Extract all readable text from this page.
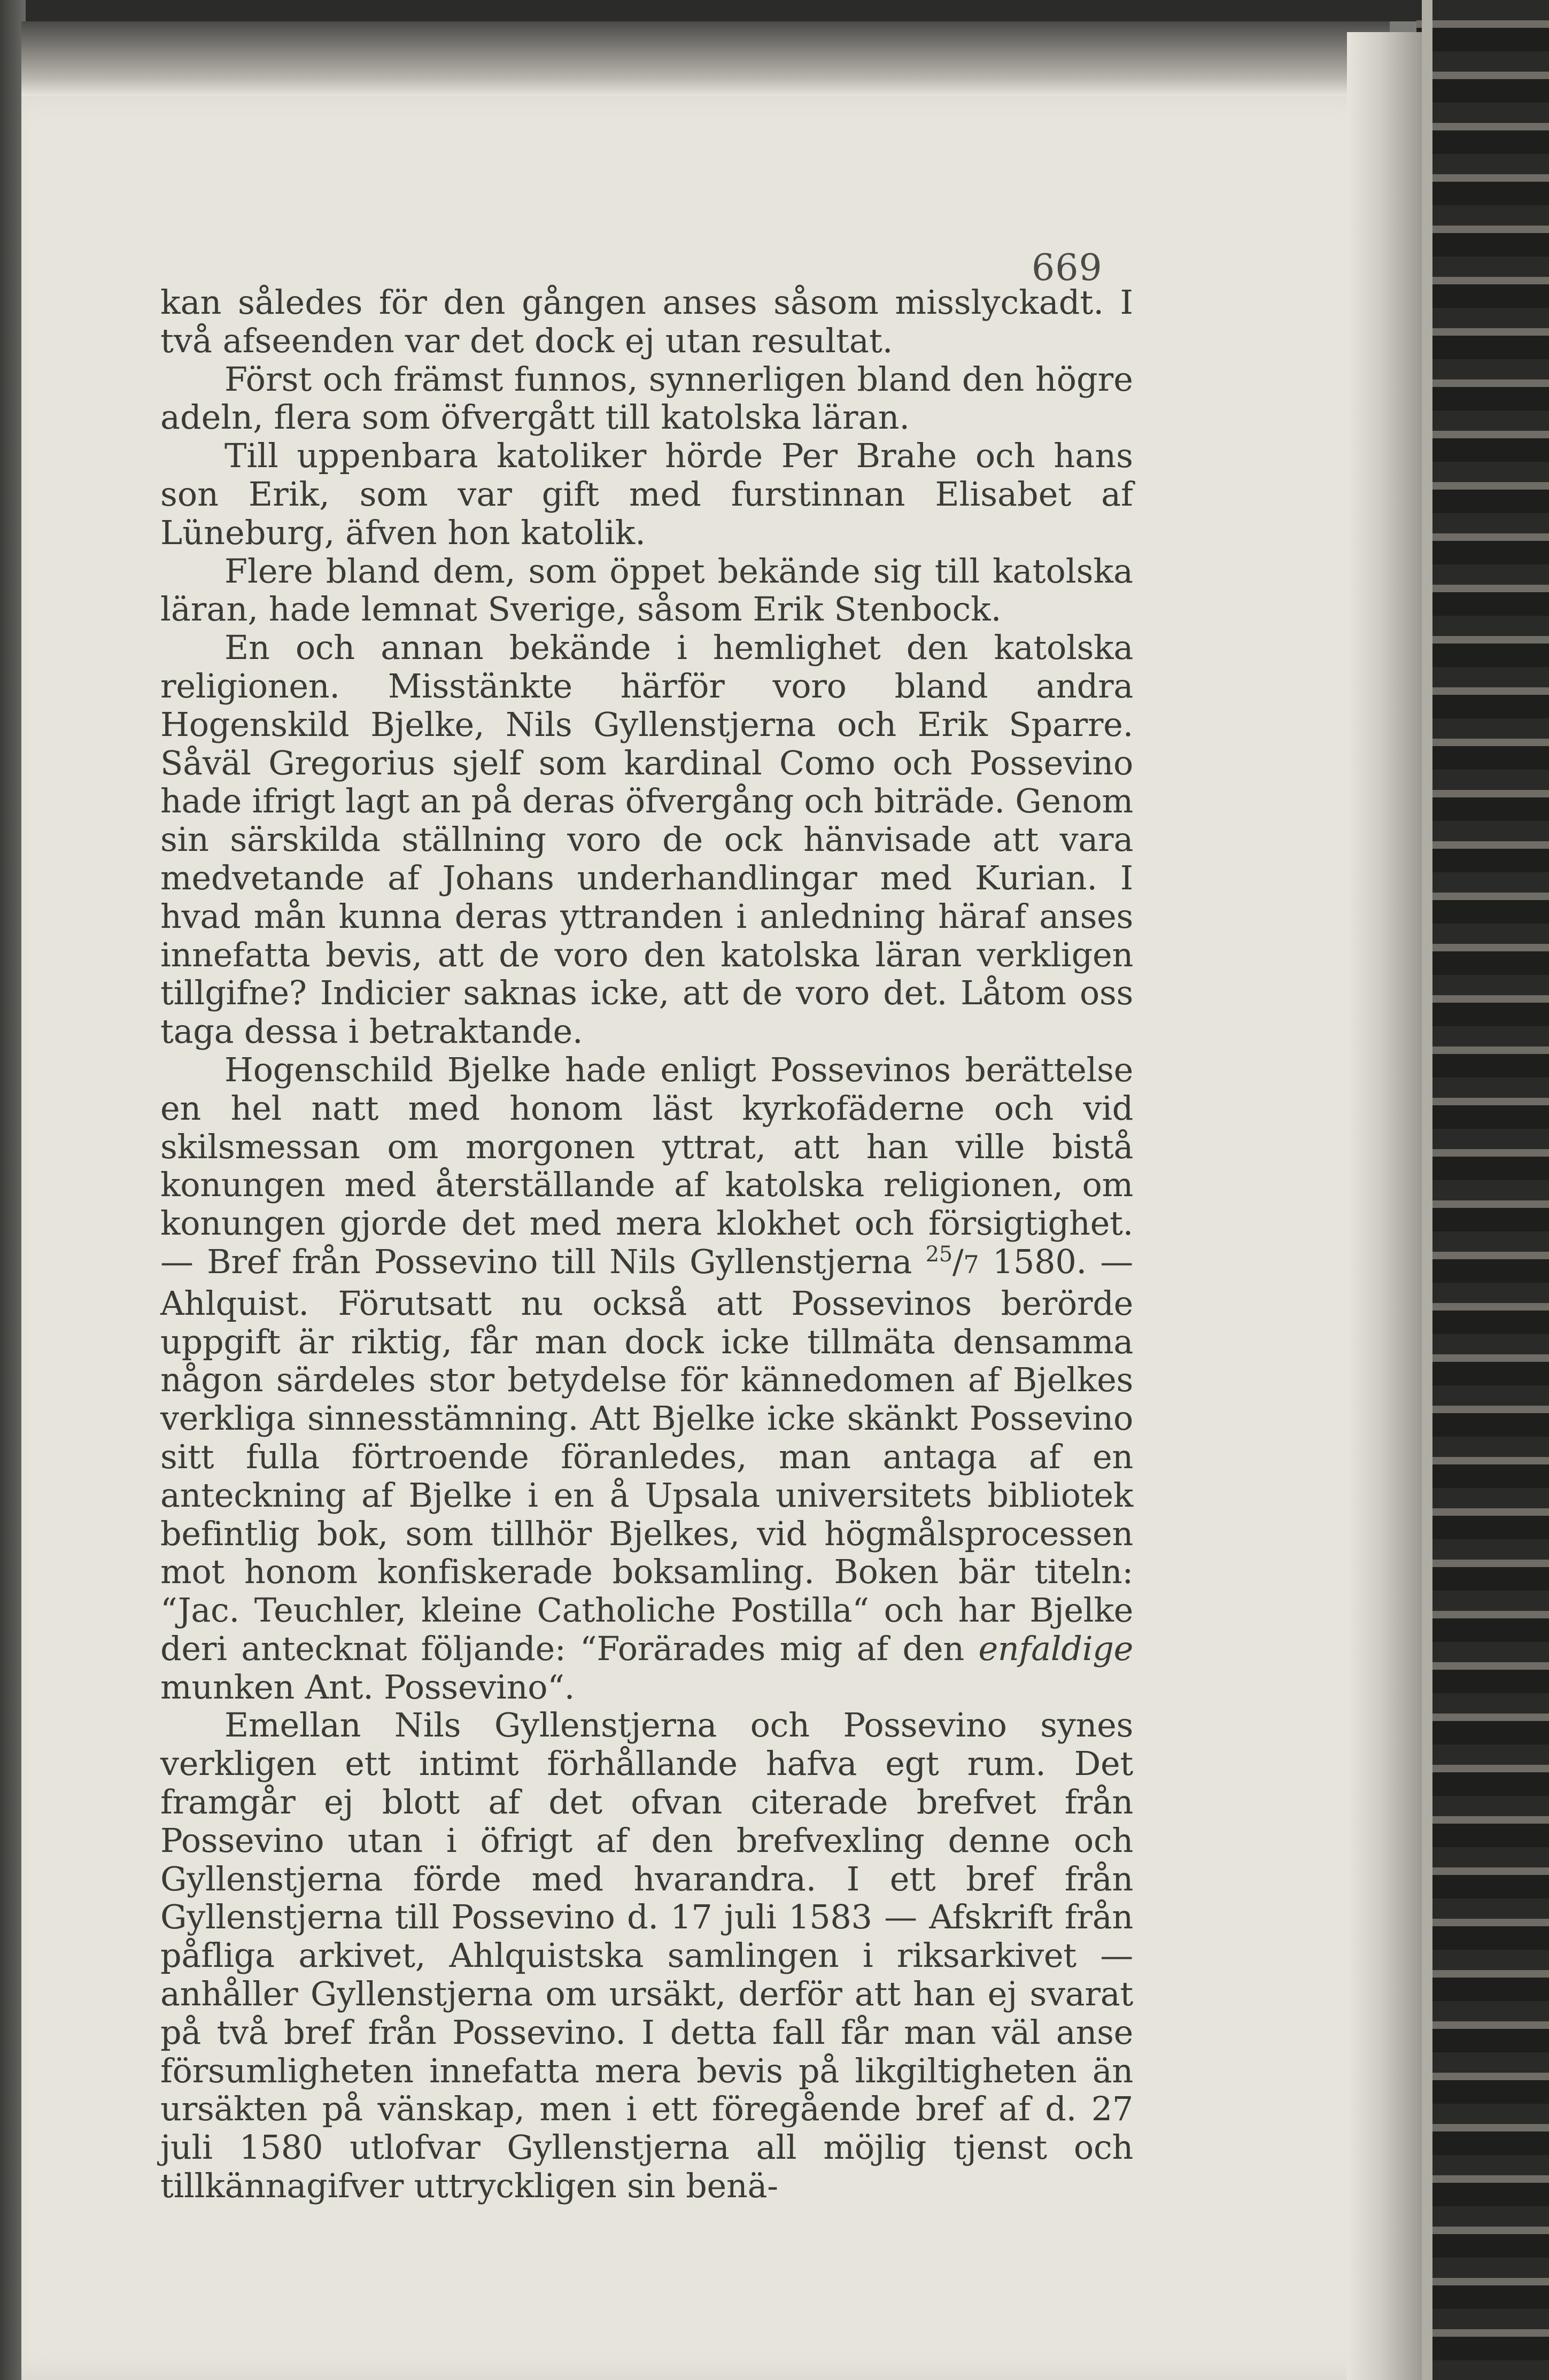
669

kan således för den gången anses såsom misslyckadt. I två afseenden var det dock ej utan resultat.

Först och främst funnos, synnerligen bland den högre adeln, flera som öfvergått till katolska läran.

Till uppenbara katoliker hörde Per Brahe och hans son Erik, som var gift med furstinnan Elisabet af Lüneburg, äfven hon katolik.

Flere bland dem, som öppet bekände sig till katolska läran, hade lemnat Sverige, såsom Erik Stenbock.

En och annan bekände i hemlighet den katolska religionen. Misstänkte härför voro bland andra Hogenskild Bjelke, Nils Gyllenstjerna och Erik Sparre. Såväl Gregorius sjelf som kardinal Como och Possevino hade ifrigt lagt an på deras öfvergång och biträde. Genom sin särskilda ställning voro de ock hänvisade att vara medvetande af Johans underhandlingar med Kurian. I hvad mån kunna deras yttranden i anledning häraf anses innefatta bevis, att de voro den katolska läran verkligen tillgifne? Indicier saknas icke, att de voro det. Låtom oss taga dessa i betraktande.

Hogenschild Bjelke hade enligt Possevinos berättelse en hel natt med honom läst kyrkofäderne och vid skilsmessan om morgonen yttrat, att han ville bistå konungen med återställande af katolska religionen, om konungen gjorde det med mera klokhet och försigtighet. — Bref från Possevino till Nils Gyllenstjerna $^{25}$/7 1580. — Ahlquist. Förutsatt nu också att Possevinos berörde uppgift är riktig, får man dock icke tillmäta densamma någon särdeles stor betydelse för kännedomen af Bjelkes verkliga sinnesstämning. Att Bjelke icke skänkt Possevino sitt fulla förtroende föranledes, man antaga af en anteckning af Bjelke i en å Upsala universitets bibliotek befintlig bok, som tillhör Bjelkes, vid högmålsprocessen mot honom konfiskerade boksamling. Boken bär titeln: “Jac. Teuchler, kleine Catholiche Postilla“ och har Bjelke deri antecknat följande: “Forärades mig af den enfaldige munken Ant. Possevino“.

Emellan Nils Gyllenstjerna och Possevino synes verkligen ett intimt förhållande hafva egt rum. Det framgår ej blott af det ofvan citerade brefvet från Possevino utan i öfrigt af den brefvexling denne och Gyllenstjerna förde med hvarandra. I ett bref från Gyllenstjerna till Possevino d. 17 juli 1583 — Afskrift från påfliga arkivet, Ahlquistska samlingen i riksarkivet — anhåller Gyllenstjerna om ursäkt, derför att han ej svarat på två bref från Possevino. I detta fall får man väl anse försumligheten innefatta mera bevis på likgiltigheten än ursäkten på vänskap, men i ett föregående bref af d. 27 juli 1580 utlofvar Gyllenstjerna all möjlig tjenst och tillkännagifver uttryckligen sin benä-
